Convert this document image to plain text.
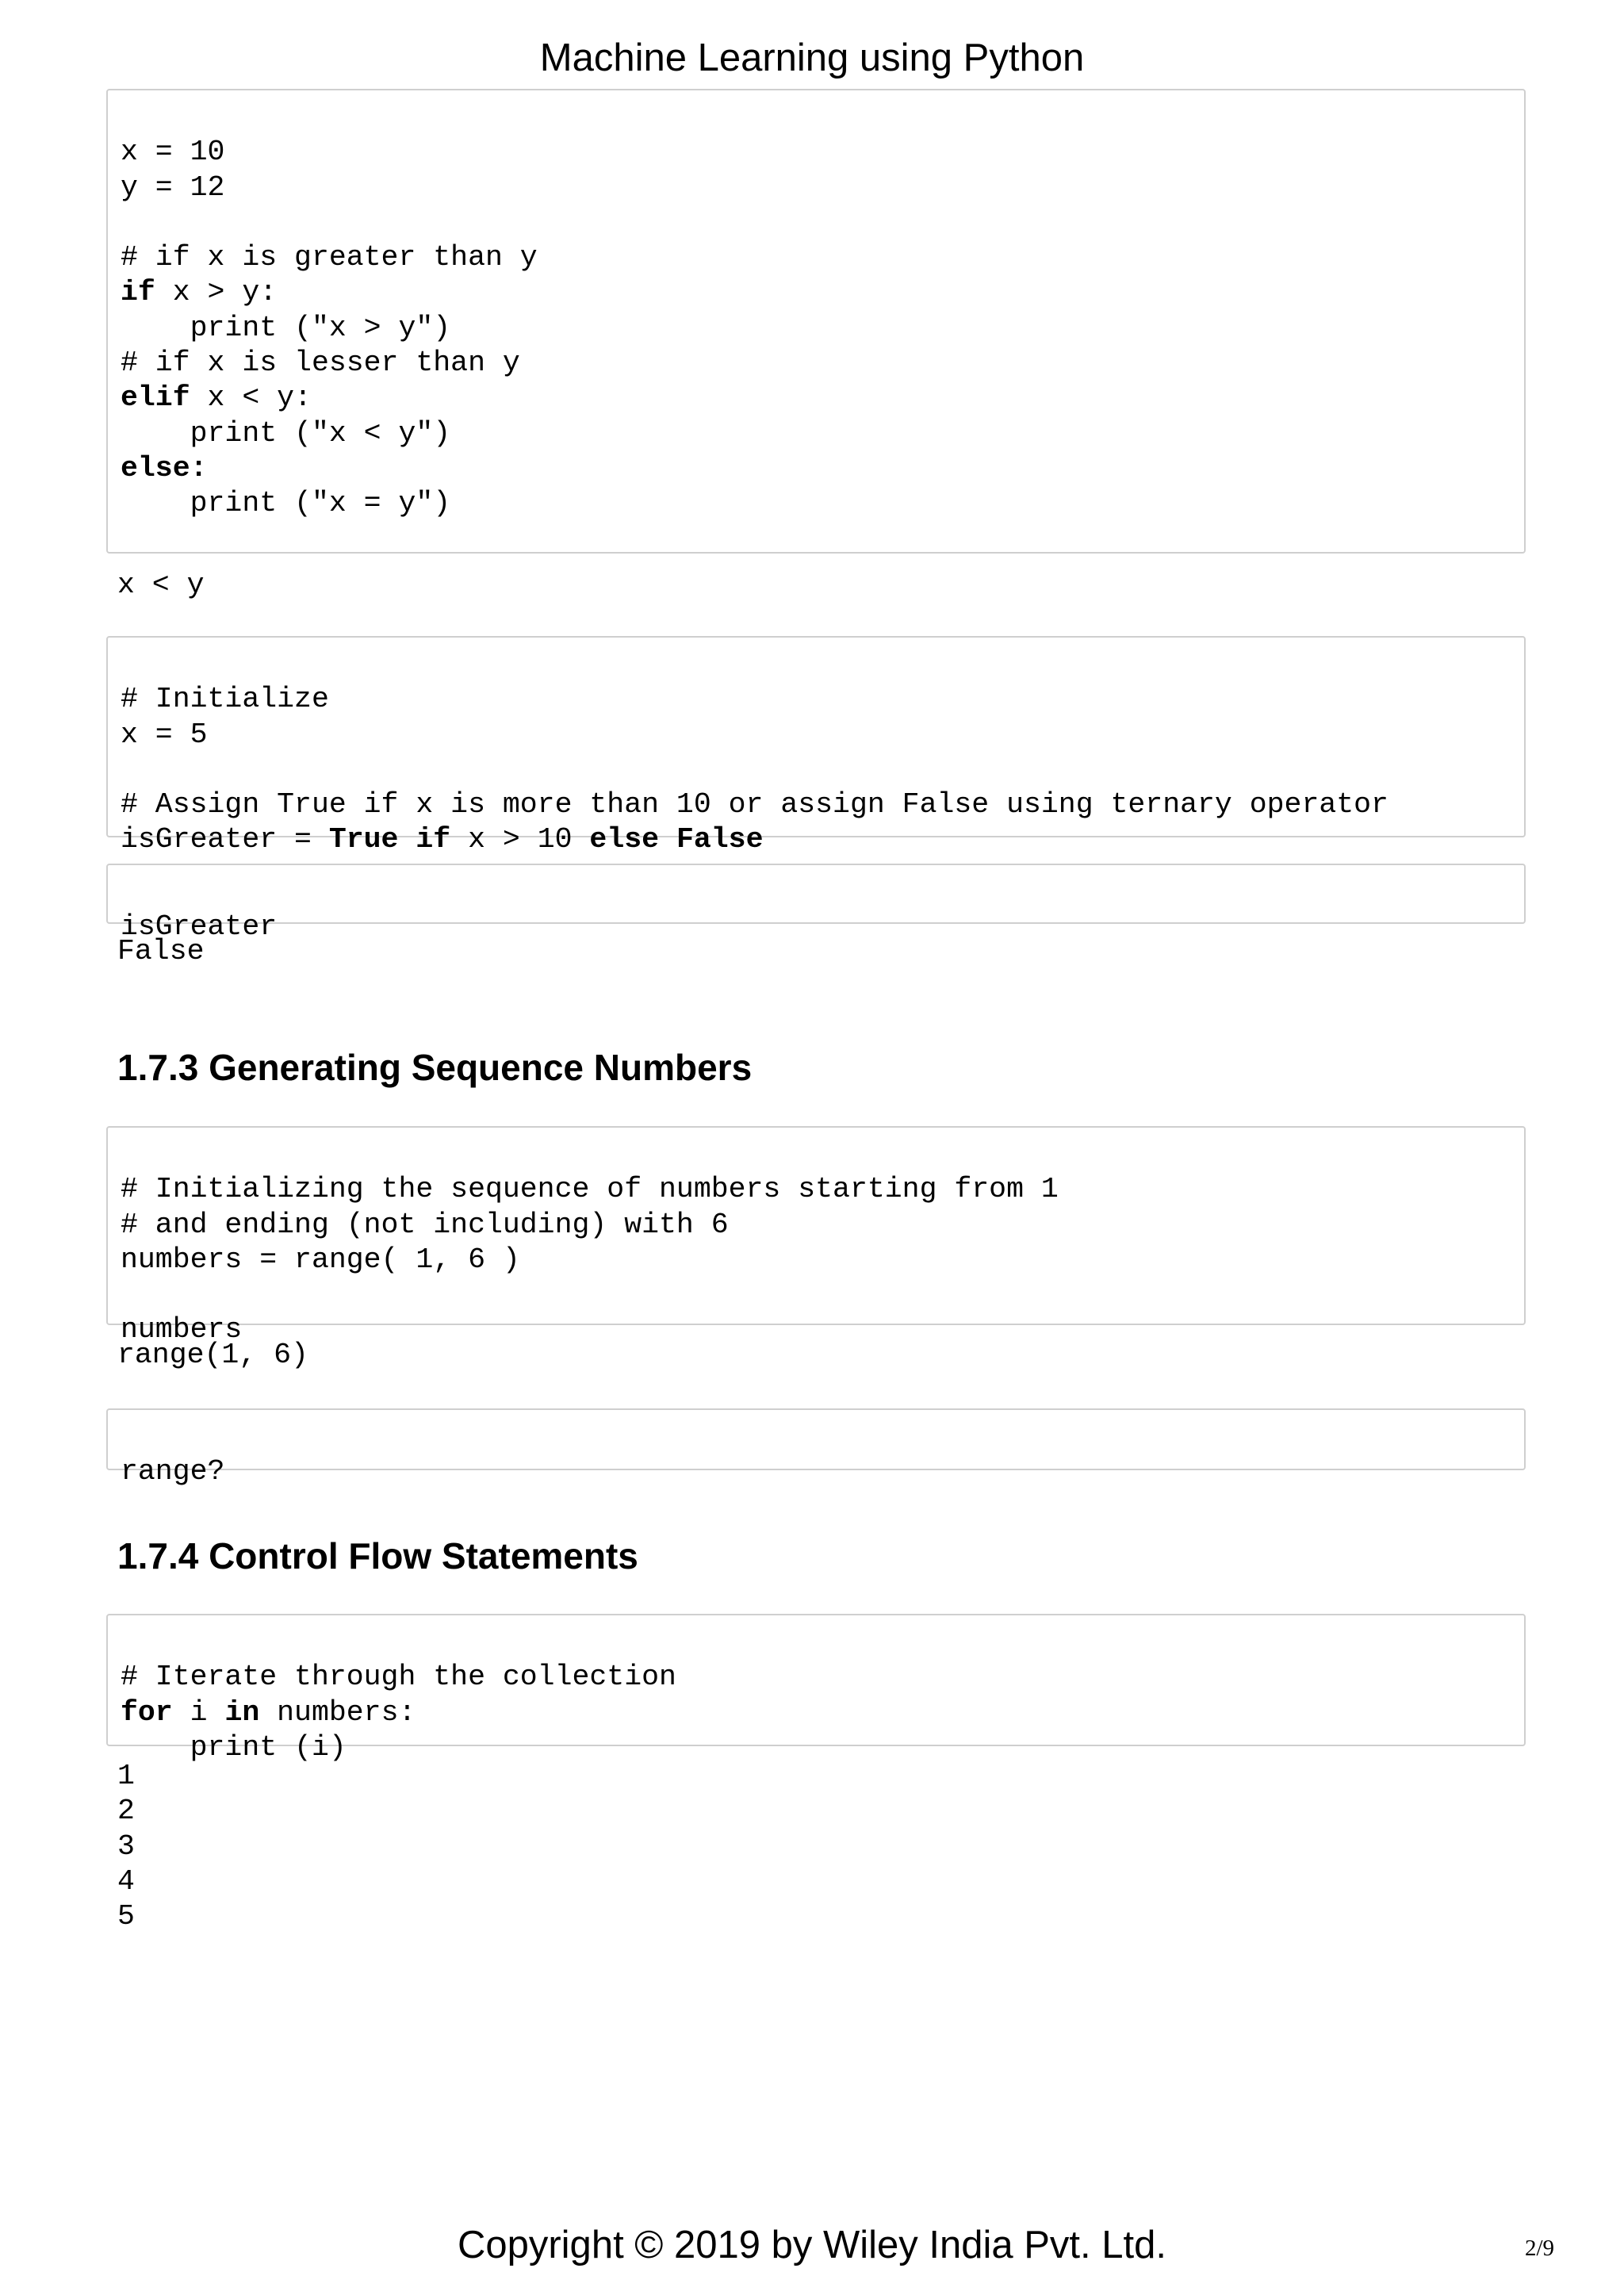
Machine Learning using Python

x = 10
y = 12
# if x is greater than y
if x > y:
print ("x > y")
# if x is lesser than y
elif x < y:
print ("x < y")
else:
print ("x = y")
x < y

# Initialize
x = 5
# Assign True if x is more than 10 or assign False using ternary operator
isGreater = True if x > 10 else False

isGreater
False
1.7.3 Generating Sequence Numbers

# Initializing the sequence of numbers starting from 1
# and ending (not including) with 6
numbers = range( 1, 6 )
numbers
range(1, 6)

range?
1.7.4 Control Flow Statements

# Iterate through the collection
for i in numbers:
print (i)
1
2
3
4
5
Copyright © 2019 by Wiley India Pvt. Ltd.	2/9
